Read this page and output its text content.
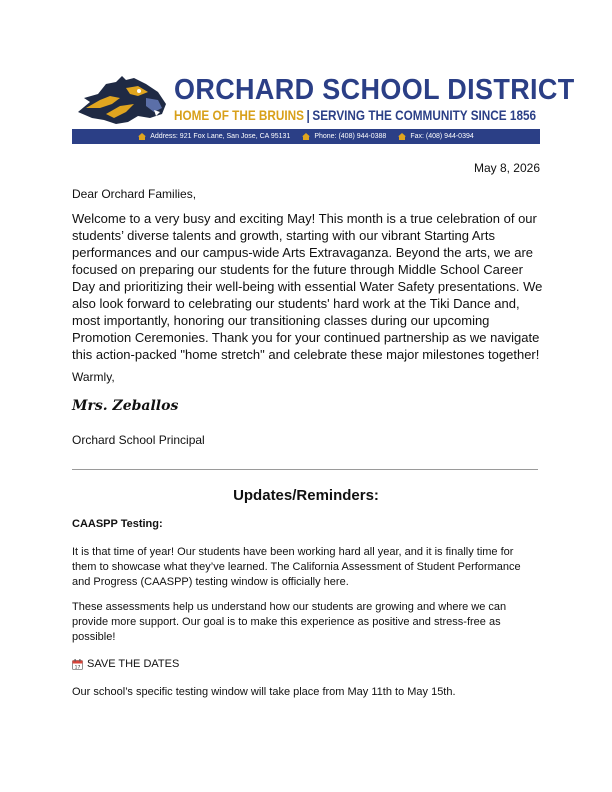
ORCHARD SCHOOL DISTRICT
HOME OF THE BRUINS | SERVING THE COMMUNITY SINCE 1856
Address: 921 Fox Lane, San Jose, CA 95131	Phone: (408) 944-0388	Fax: (408) 944-0394
May 8, 2026
Dear Orchard Families,

Welcome to a very busy and exciting May! This month is a true celebration of our students’ diverse talents and growth, starting with our vibrant Starting Arts performances and our campus-wide Arts Extravaganza. Beyond the arts, we are focused on preparing our students for the future through Middle School Career Day and prioritizing their well-being with essential Water Safety presentations. We also look forward to celebrating our students' hard work at the Tiki Dance and, most importantly, honoring our transitioning classes during our upcoming Promotion Ceremonies. Thank you for your continued partnership as we navigate this action-packed "home stretch" and celebrate these major milestones together!

Warmly,
Mrs. Zeballos
Orchard School Principal
Updates/Reminders:
CAASPP Testing:

It is that time of year! Our students have been working hard all year, and it is finally time for them to showcase what they’ve learned. The California Assessment of Student Performance and Progress (CAASPP) testing window is officially here.

These assessments help us understand how our students are growing and where we can provide more support. Our goal is to make this experience as positive and stress-free as possible!

17 SAVE THE DATES

Our school’s specific testing window will take place from May 11th to May 15th.
